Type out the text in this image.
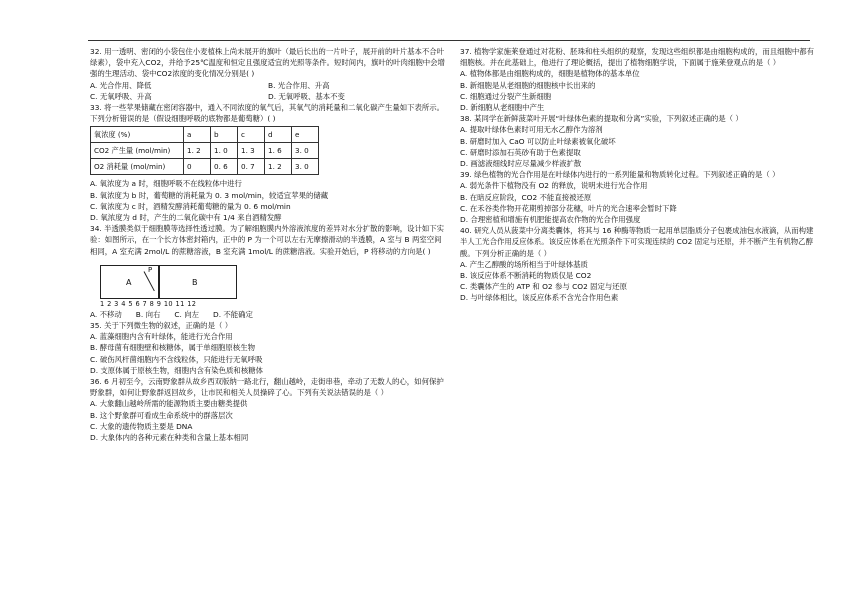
32. 用一透明、密闭的小袋包住小麦植株上尚未展开的旗叶（最后长出的一片叶子，展开前的叶片基本不合叶绿素），袋中充入CO2，并给予25℃温度和恒定且强度适宜的光照等条件。短时间内，旗叶的叶肉细胞中会增强的生理活动、袋中CO2浓度的变化情况分别是( )

A. 光合作用、降低	B. 光合作用、升高

C. 无氧呼吸、升高	D. 无氧呼吸、基本不变

33. 将一些苹果储藏在密闭容器中，通入不同浓度的氧气后，其氧气的消耗量和二氧化碳产生量如下表所示。下列分析错误的是（假设细胞呼吸的底物都是葡萄糖）( )

氧浓度 (%)	a	b	c	d	e
CO2 产生量 (mol/min)	1. 2	1. 0	1. 3	1. 6	3. 0
O2 消耗量 (mol/min)	0	0. 6	0. 7	1. 2	3. 0

A. 氧浓度为 a 时，细胞呼吸不在线粒体中进行

B. 氧浓度为 b 时，葡萄糖的消耗量为 0. 3 mol/min，较适宜苹果的储藏

C. 氧浓度为 c 时，酒精发酵消耗葡萄糖的量为 0. 6 mol/min

D. 氧浓度为 d 时，产生的二氧化碳中有 1/4 来自酒精发酵

34. 半透膜类似于细胞膜等选择性透过膜。为了解细胞膜内外溶液浓度的差异对水分扩散的影响，设计如下实验：如图所示，在一个长方体密封箱内，正中的 P 为一个可以左右无摩擦滑动的半透膜，A 室与 B 两室空间相同，A 室充满 2mol/L 的蔗糖溶液，B 室充满 1mol/L 的蔗糖溶液。实验开始后，P 将移动的方向是( )

A	B
P
1 2 3 4 5 6 7 8 9 10 11 12

A. 不移动 B. 向右 C. 向左 D. 不能确定

35. 关于下列微生物的叙述，正确的是（ ）

A. 蓝藻细胞内含有叶绿体，能进行光合作用

B. 酵母菌有细胞壁和核糖体，属于单细胞原核生物

C. 破伤风杆菌细胞内不含线粒体，只能进行无氧呼吸

D. 支原体属于原核生物，细胞内含有染色质和核糖体

36. 6 月初至今，云南野象群从故乡西双版纳一路北行，翻山越岭，走街串巷，牵动了无数人的心，如何保护野象群，如何让野象群返回故乡，让市民和相关人员操碎了心。下列有关说法错误的是（ ）

A. 大象翻山越岭所需的能源物质主要由糖类提供

B. 这个野象群可看成生命系统中的群落层次

C. 大象的遗传物质主要是 DNA

D. 大象体内的各种元素在种类和含量上基本相同

37. 植物学家施莱登通过对花粉、胚珠和柱头组织的观察，发现这些组织都是由细胞构成的，而且细胞中都有细胞核。并在此基础上，他进行了理论概括，提出了植物细胞学说，下面属于施莱登观点的是（ ）

A. 植物体都是由细胞构成的，细胞是植物体的基本单位

B. 新细胞是从老细胞的细胞核中长出来的

C. 细胞通过分裂产生新细胞

D. 新细胞从老细胞中产生

38. 某同学在新鲜菠菜叶开展“叶绿体色素的提取和分离”实验，下列叙述正确的是（ ）

A. 提取叶绿体色素时可用无水乙醇作为溶剂

B. 研磨时加入 CaO 可以防止叶绿素被氧化破坏

C. 研磨时添加石英砂有助于色素提取

D. 画滤液细线时应尽量减少样液扩散

39. 绿色植物的光合作用是在叶绿体内进行的一系列能量和物质转化过程。下列叙述正确的是（ ）

A. 弱光条件下植物没有 O2 的释放，说明未进行光合作用

B. 在暗反应阶段，CO2 不能直接被还原

C. 在禾谷类作物开花期剪掉部分花穗，叶片的光合速率会暂时下降

D. 合理密植和增施有机肥能提高农作物的光合作用强度

40. 研究人员从菠菜中分离类囊体，将其与 16 种酶等物质一起用单层脂质分子包裹成油包水液滴，从而构建半人工光合作用反应体系。该反应体系在光照条件下可实现连续的 CO2 固定与还原，并不断产生有机物乙醇酸。下列分析正确的是（ ）

A. 产生乙醇酸的场所相当于叶绿体基质

B. 该反应体系不断消耗的物质仅是 CO2

C. 类囊体产生的 ATP 和 O2 参与 CO2 固定与还原

D. 与叶绿体相比，该反应体系不含光合作用色素
